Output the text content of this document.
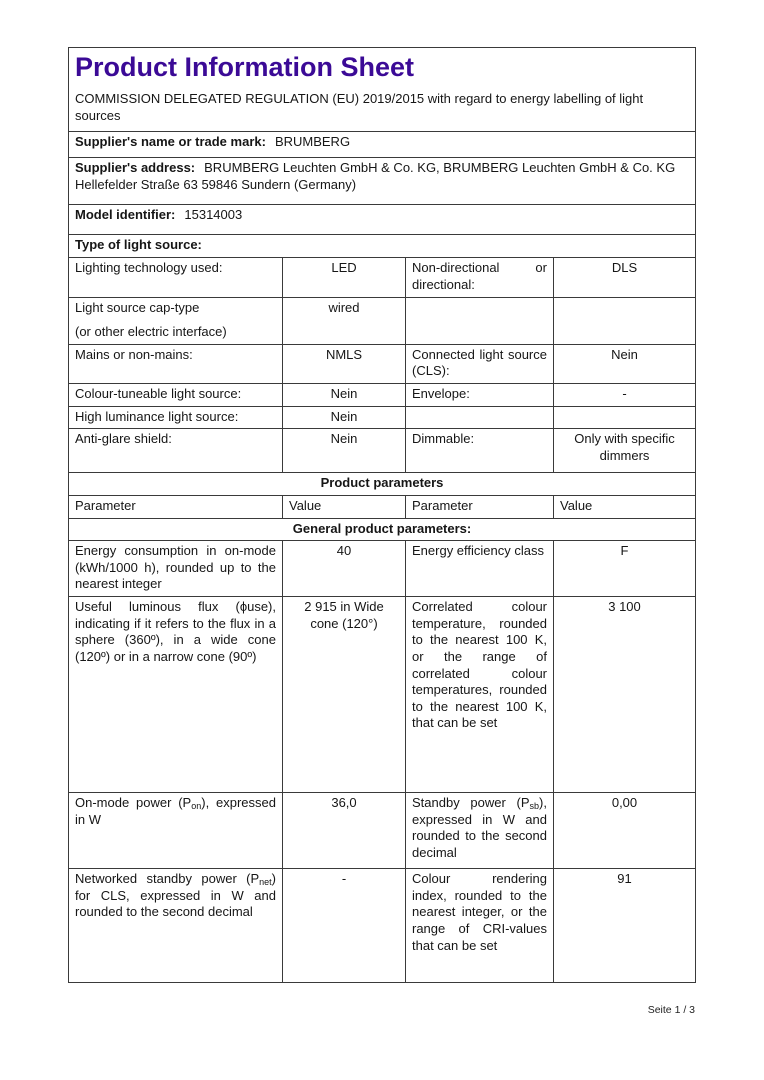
Product Information Sheet

COMMISSION DELEGATED REGULATION (EU) 2019/2015 with regard to energy labelling of light sources

Supplier's name or trade mark: BRUMBERG			
Supplier's address: BRUMBERG Leuchten GmbH & Co. KG, BRUMBERG Leuchten GmbH & Co. KG Hellefelder Straße 63 59846 Sundern (Germany)			
Model identifier: 15314003			
Type of light source:			
Lighting technology used:	LED	Non-directional or directional:	DLS

Light source cap-type
(or other electric interface)	wired		
Mains or non-mains:	NMLS	Connected light source (CLS):	Nein
Colour-tuneable light source:	Nein	Envelope:	-
High luminance light source:	Nein		
Anti-glare shield:	Nein	Dimmable:	Only with specific dimmers
Product parameters			
Parameter	Value	Parameter	Value
General product parameters:			
Energy consumption in on-mode (kWh/1000 h), rounded up to the nearest integer	40	Energy efficiency class	F
Useful luminous flux (ϕuse), indicating if it refers to the flux in a sphere (360º), in a wide cone (120º) or in a narrow cone (90º)	2 915 in Wide cone (120°)	Correlated colour temperature, rounded to the nearest 100 K, or the range of correlated colour temperatures, rounded to the nearest 100 K, that can be set	3 100
On-mode power $(P_{on})$, expressed in W	36,0	Standby power $(P_{sb})$, expressed in W and rounded to the second decimal	0,00
Networked standby power $(P_{net})$ for CLS, expressed in W and rounded to the second decimal	-	Colour rendering index, rounded to the nearest integer, or the range of CRI-values that can be set	91
Seite 1 / 3
